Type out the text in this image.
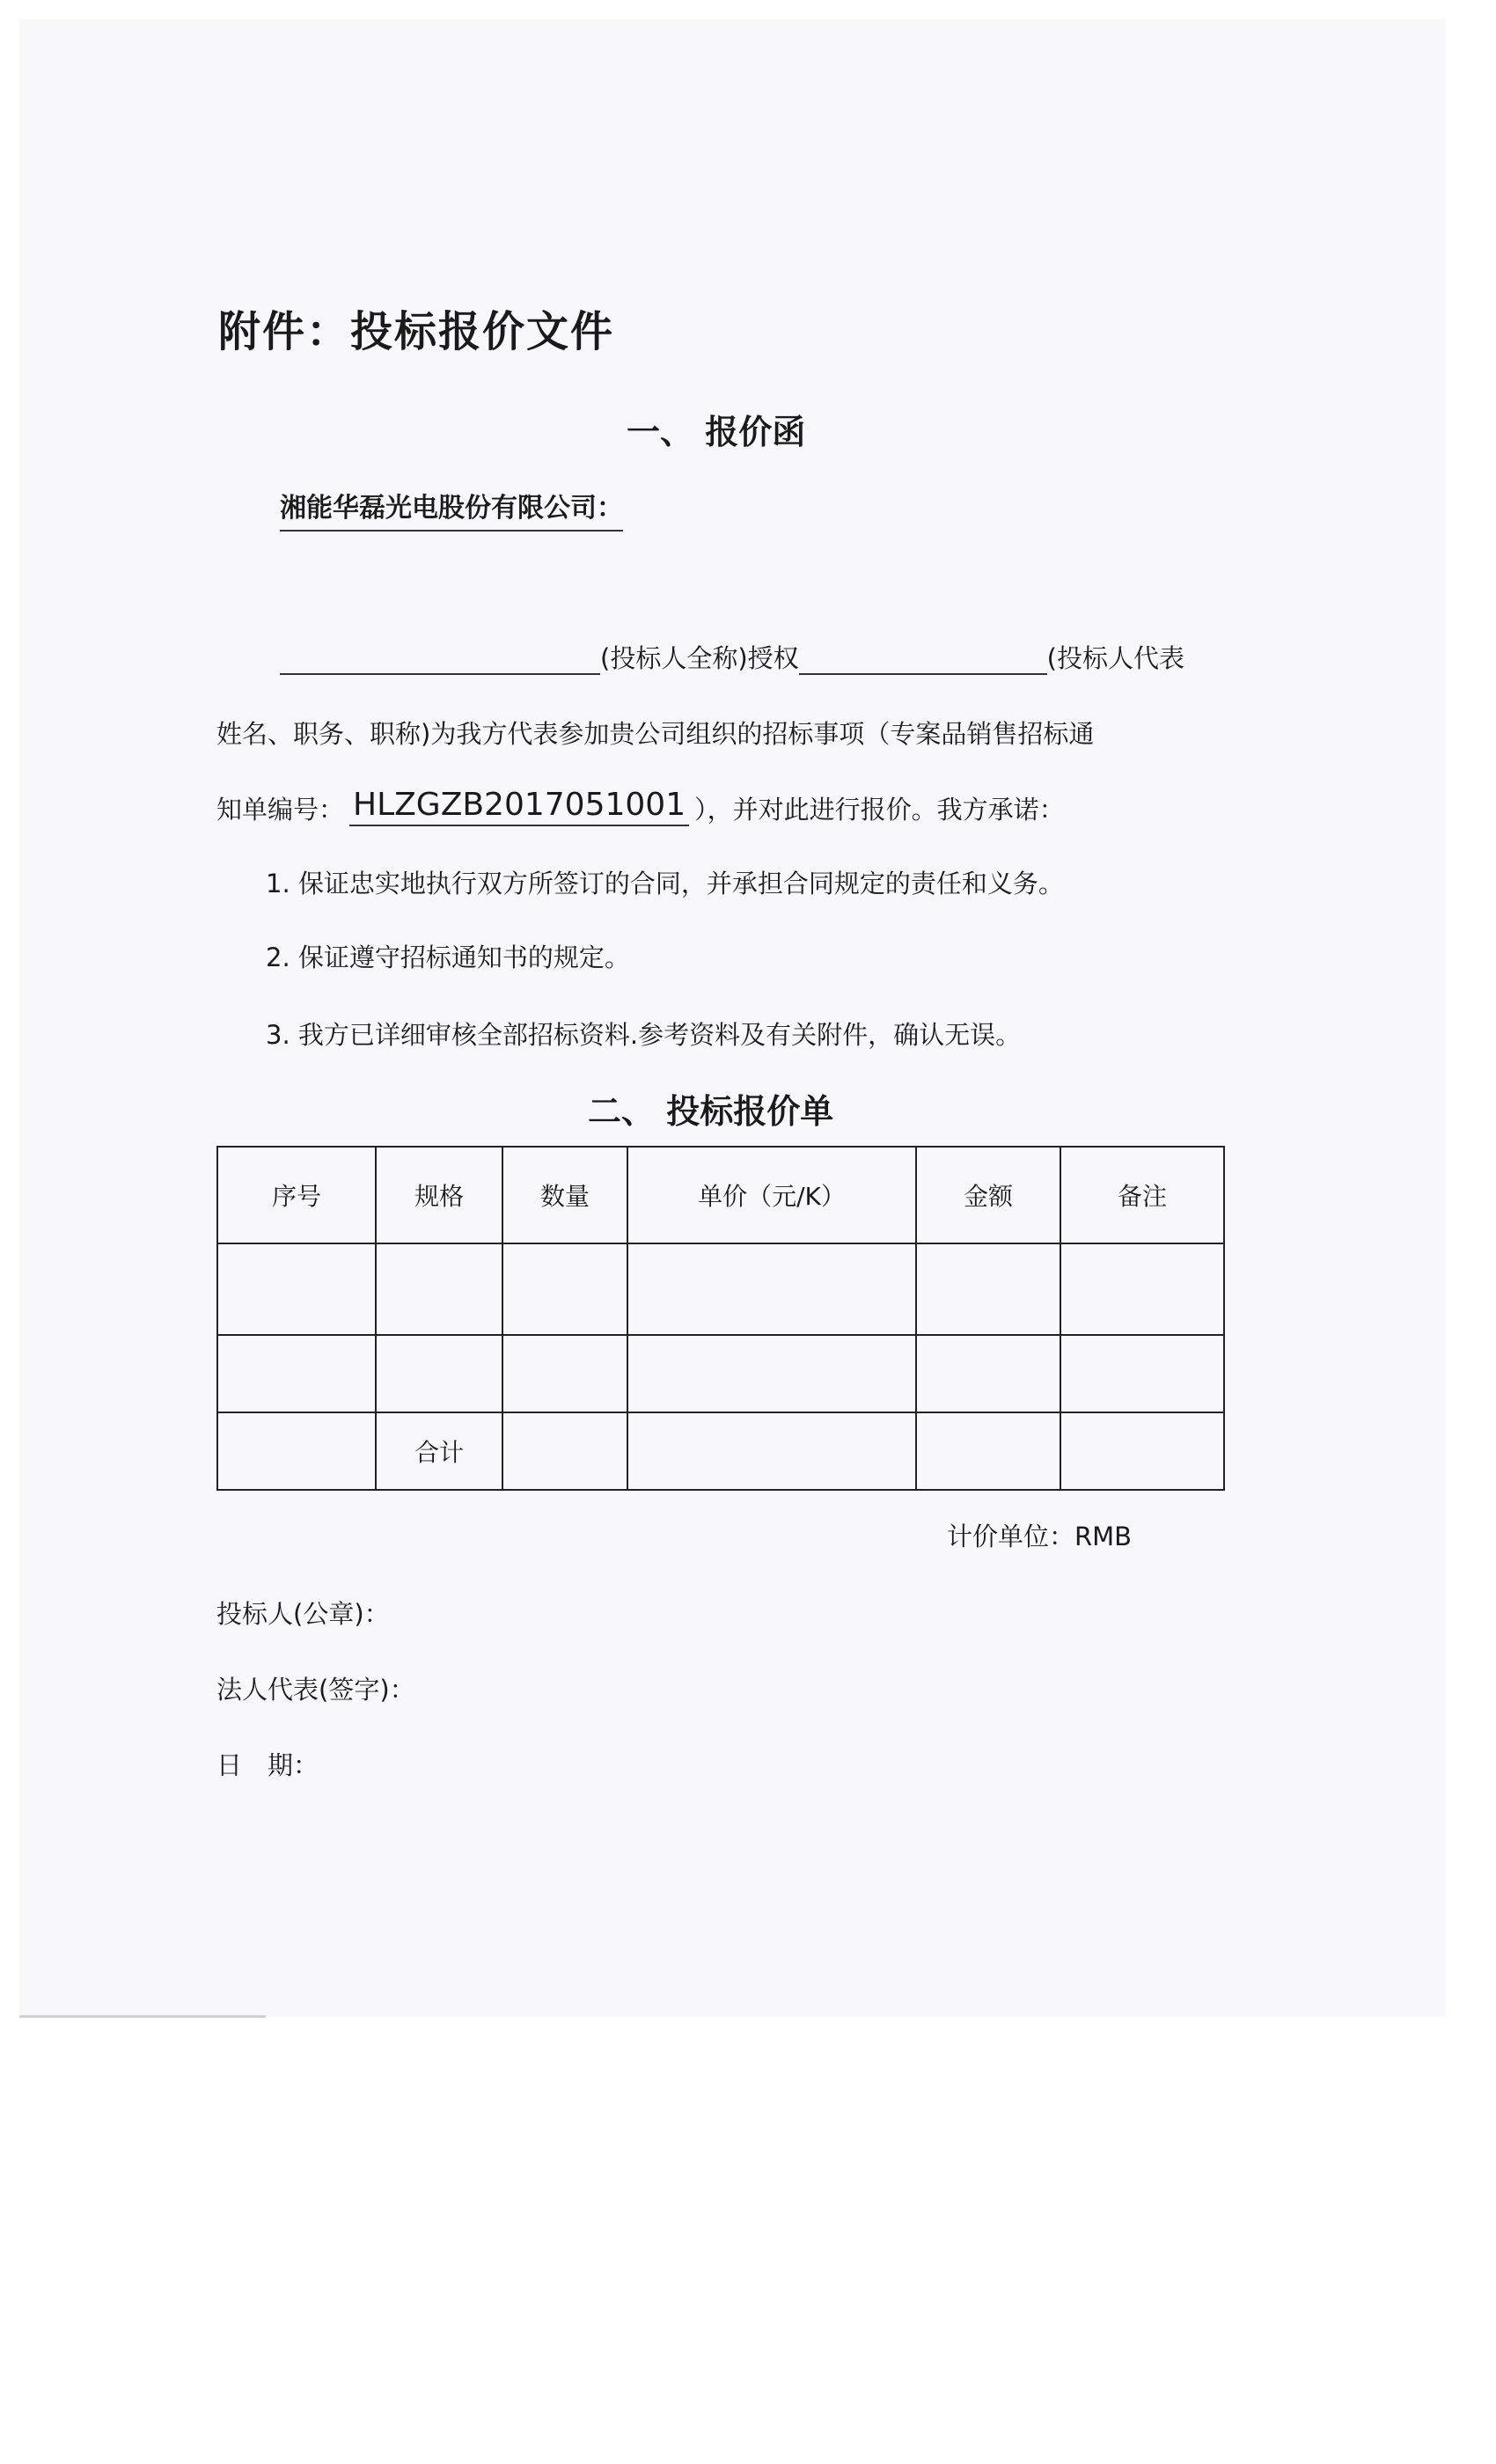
附件：投标报价文件
一、 报价函
湘能华磊光电股份有限公司：
(投标人全称)授权	(投标人代表
姓名、职务、职称)为我方代表参加贵公司组织的招标事项（专案品销售招标通
知单编号： HLZGZB2017051001 ），并对此进行报价。我方承诺：
1. 保证忠实地执行双方所签订的合同，并承担合同规定的责任和义务。
2. 保证遵守招标通知书的规定。
3. 我方已详细审核全部招标资料.参考资料及有关附件，确认无误。
二、 投标报价单
序号	规格	数量	单价（元/K）	金额	备注

	合计				
计价单位：RMB
投标人(公章)：
法人代表(签字)：
日　期：
